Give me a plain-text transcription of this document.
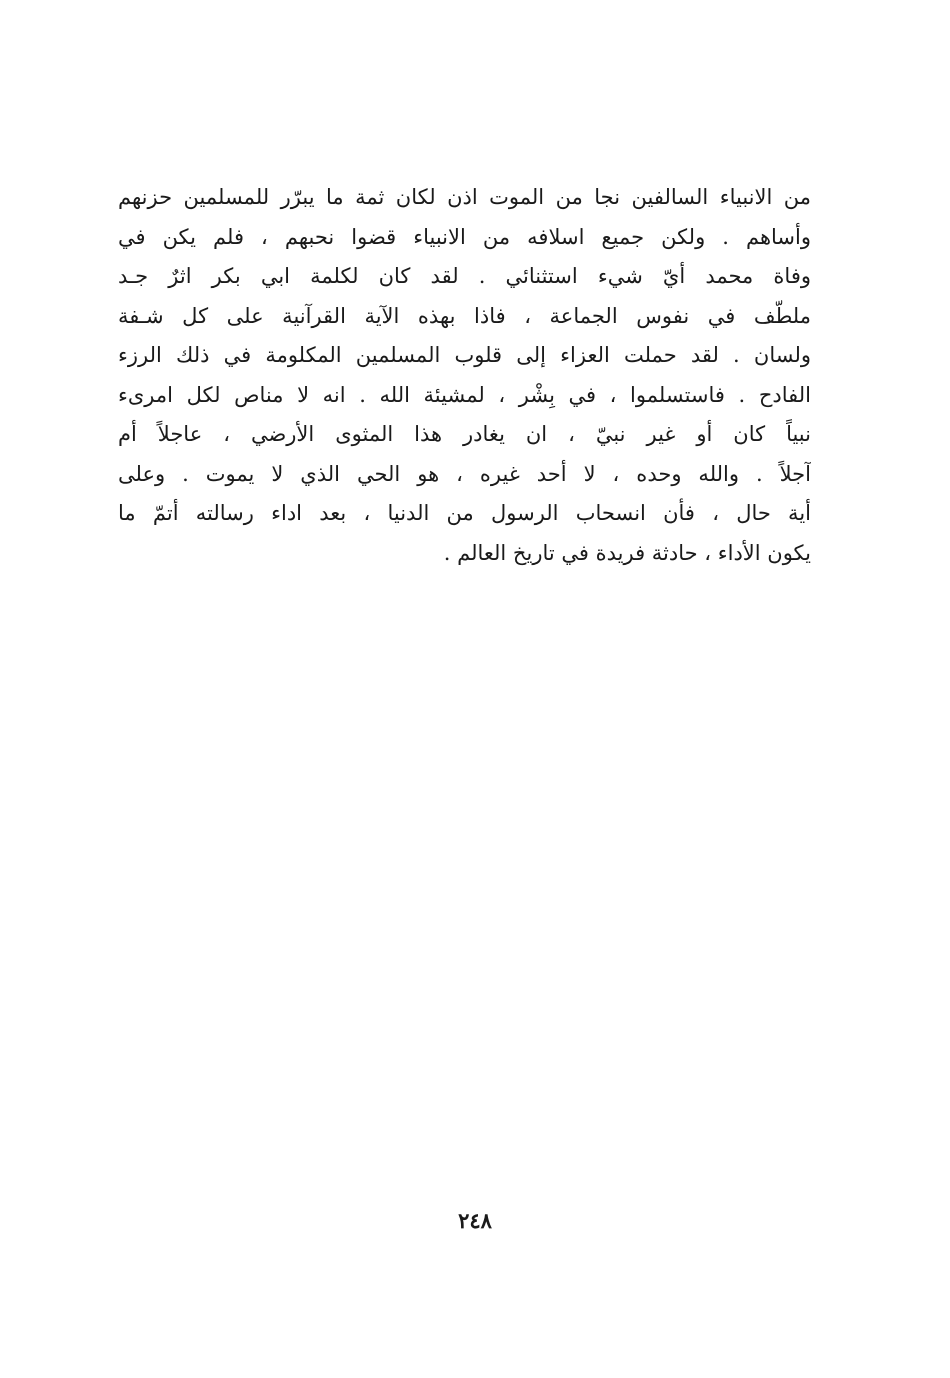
من الانبياء السالفين نجا من الموت اذن لكان ثمة ما يبرّر للمسلمين حزنهم
وأساهم . ولكن جميع اسلافه من الانبياء قضوا نحبهم ، فلم يكن في
وفاة محمد أيّ شيء استثنائي . لقد كان لكلمة ابي بكر اثرٌ جـد
ملطّف في نفوس الجماعة ، فاذا بهذه الآية القرآنية على كل شـفة
ولسان . لقد حملت العزاء إلى قلوب المسلمين المكلومة في ذلك الرزء
الفادح . فاستسلموا ، في بِشْر ، لمشيئة الله . انه لا مناص لكل امرىء
نبياً كان أو غير نبيّ ، ان يغادر هذا المثوى الأرضي ، عاجلاً أم
آجلاً . والله وحده ، لا أحد غيره ، هو الحي الذي لا يموت . وعلى
أية حال ، فأن انسحاب الرسول من الدنيا ، بعد اداء رسالته أتمّ ما
يكون الأداء ، حادثة فريدة في تاريخ العالم .
٢٤٨
